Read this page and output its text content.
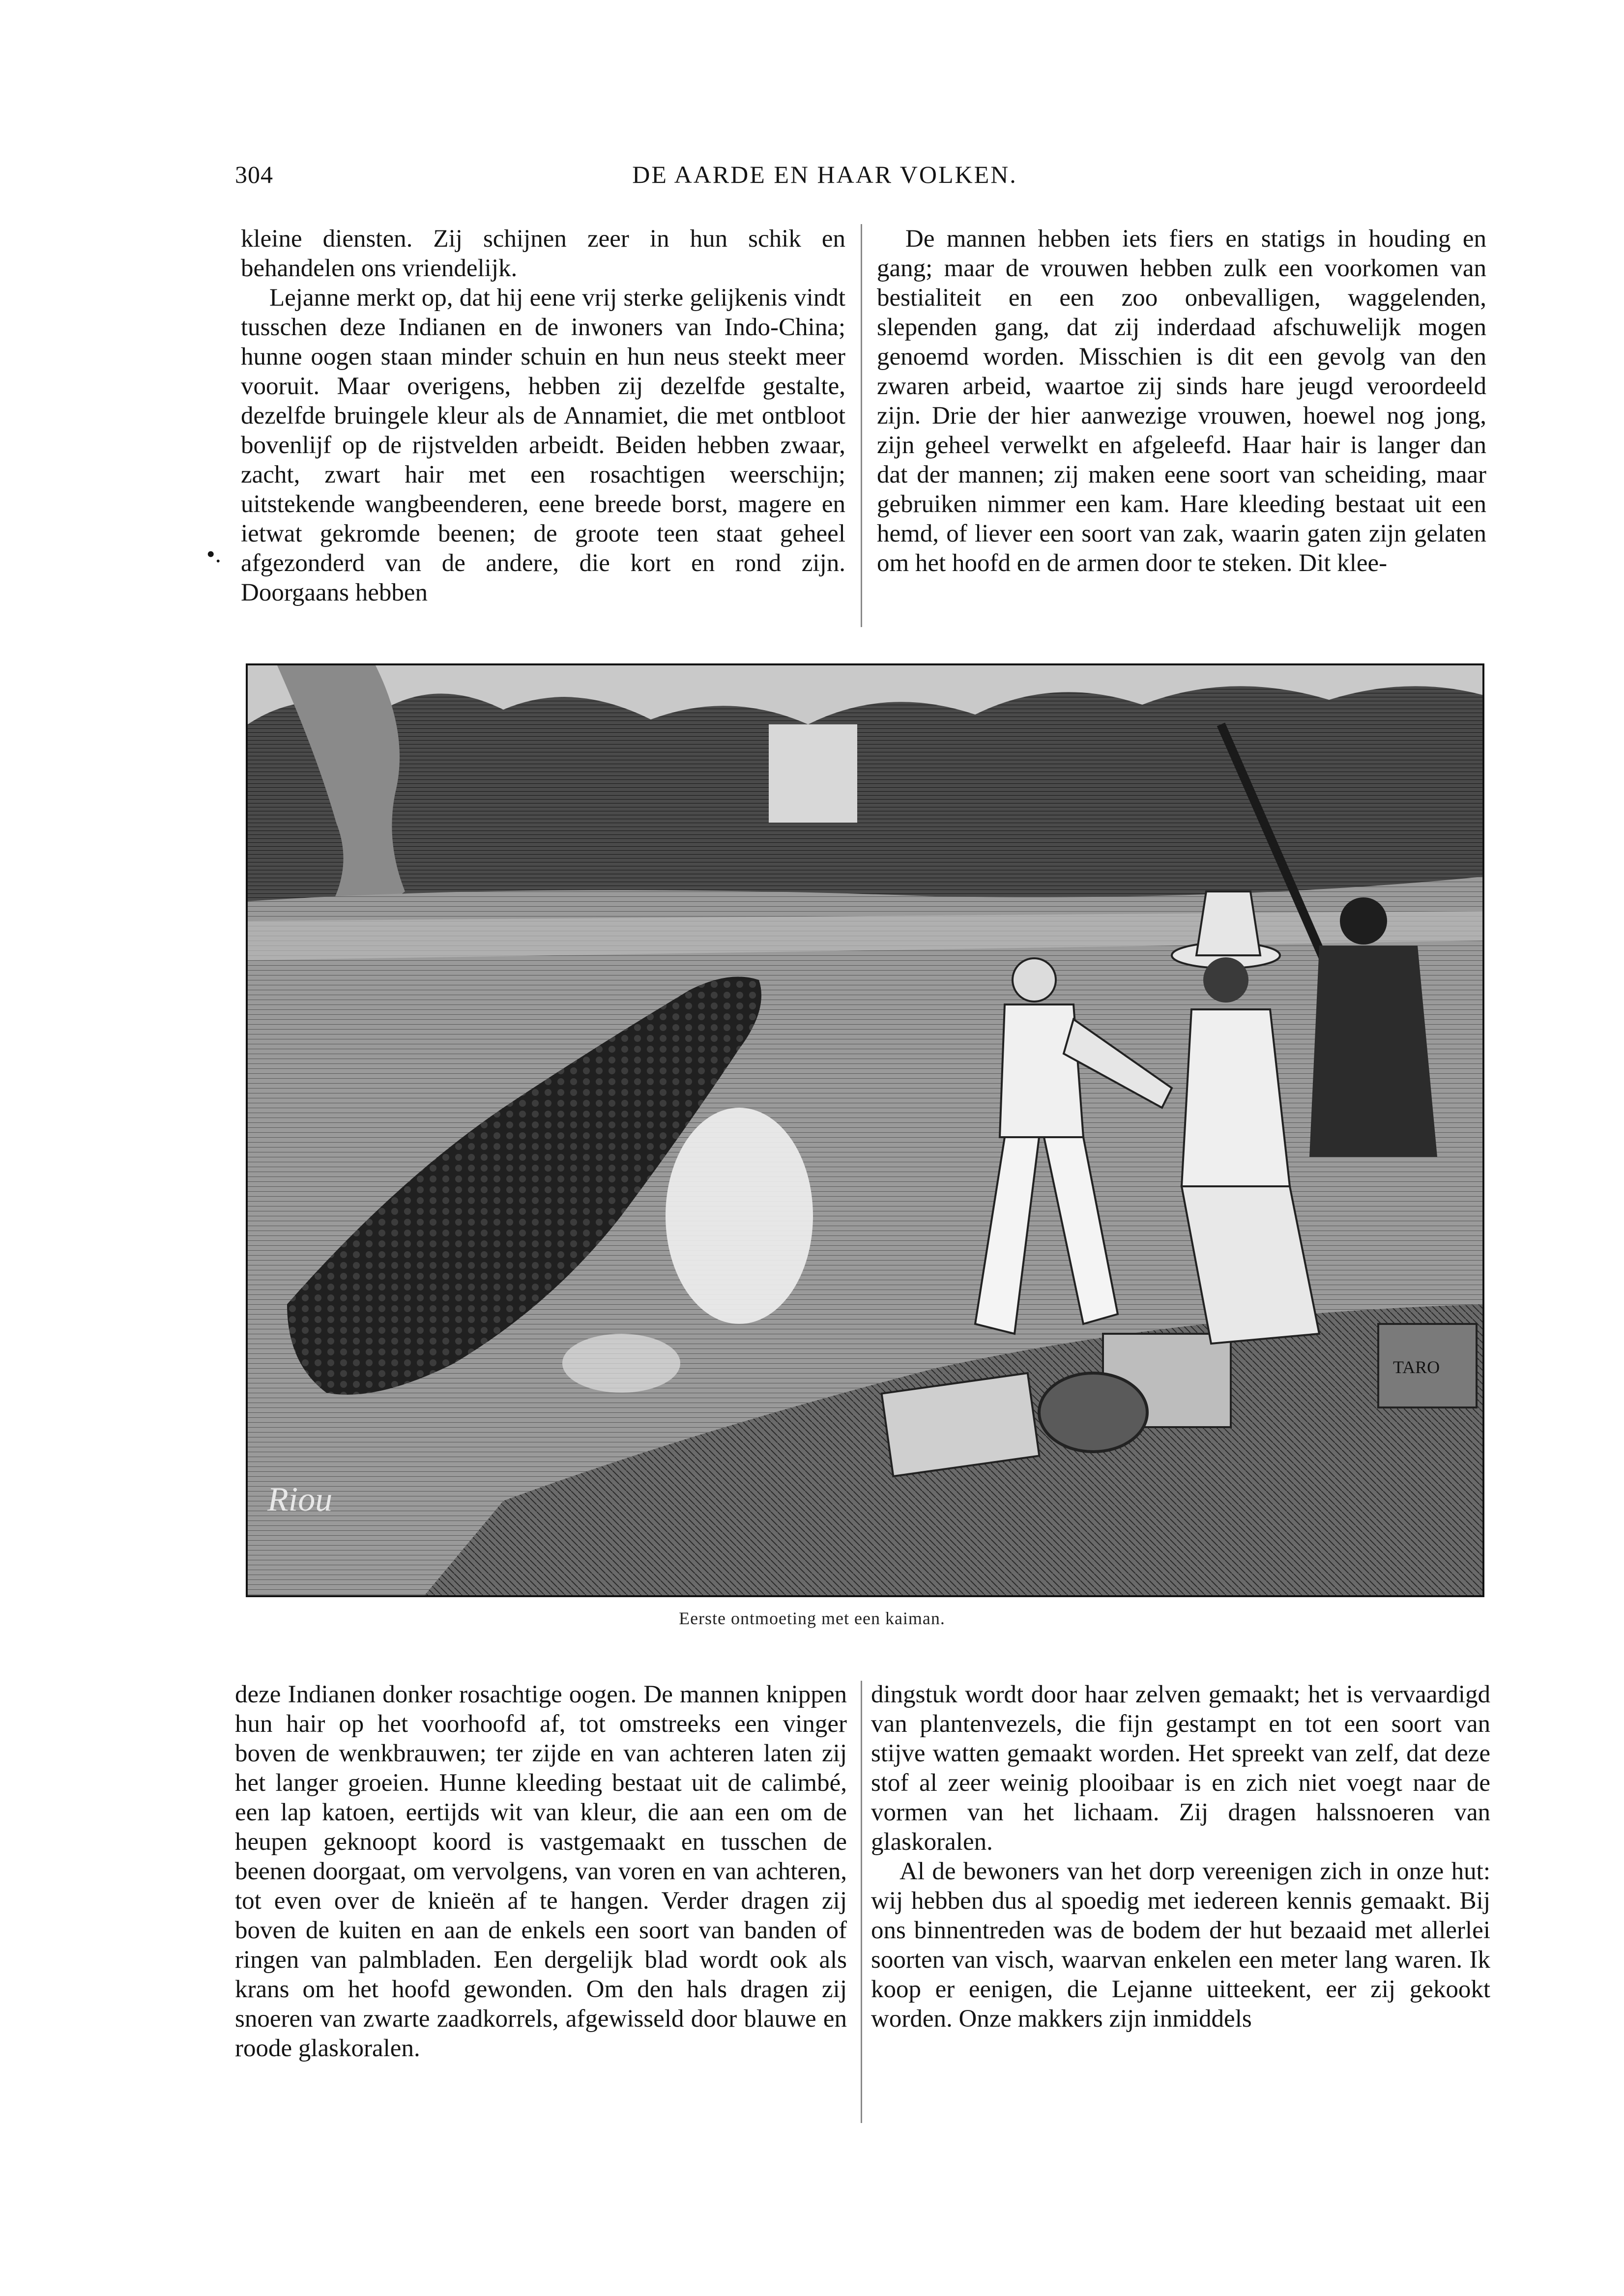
304	DE AARDE EN HAAR VOLKEN.

kleine diensten. Zij schijnen zeer in hun schik en behandelen ons vriendelijk.

Lejanne merkt op, dat hij eene vrij sterke gelijkenis vindt tusschen deze Indianen en de inwoners van Indo-China; hunne oogen staan minder schuin en hun neus steekt meer vooruit. Maar overigens, hebben zij dezelfde gestalte, dezelfde bruingele kleur als de Annamiet, die met ontbloot bovenlijf op de rijstvelden arbeidt. Beiden hebben zwaar, zacht, zwart hair met een rosachtigen weerschijn; uitstekende wangbeenderen, eene breede borst, magere en ietwat gekromde beenen; de groote teen staat geheel afgezonderd van de andere, die kort en rond zijn. Doorgaans hebben

De mannen hebben iets fiers en statigs in houding en gang; maar de vrouwen hebben zulk een voorkomen van bestialiteit en een zoo onbevalligen, waggelenden, slependen gang, dat zij inderdaad afschuwelijk mogen genoemd worden. Misschien is dit een gevolg van den zwaren arbeid, waartoe zij sinds hare jeugd veroordeeld zijn. Drie der hier aanwezige vrouwen, hoewel nog jong, zijn geheel verwelkt en afgeleefd. Haar hair is langer dan dat der mannen; zij maken eene soort van scheiding, maar gebruiken nimmer een kam. Hare kleeding bestaat uit een hemd, of liever een soort van zak, waarin gaten zijn gelaten om het hoofd en de armen door te steken. Dit klee-

•.
TARO
Riou
Eerste ontmoeting met een kaiman.

deze Indianen donker rosachtige oogen. De mannen knippen hun hair op het voorhoofd af, tot omstreeks een vinger boven de wenkbrauwen; ter zijde en van achteren laten zij het langer groeien. Hunne kleeding bestaat uit de calimbé, een lap katoen, eertijds wit van kleur, die aan een om de heupen geknoopt koord is vastgemaakt en tusschen de beenen doorgaat, om vervolgens, van voren en van achteren, tot even over de knieën af te hangen. Verder dragen zij boven de kuiten en aan de enkels een soort van banden of ringen van palmbladen. Een dergelijk blad wordt ook als krans om het hoofd gewonden. Om den hals dragen zij snoeren van zwarte zaadkorrels, afgewisseld door blauwe en roode glaskoralen.

dingstuk wordt door haar zelven gemaakt; het is vervaardigd van plantenvezels, die fijn gestampt en tot een soort van stijve watten gemaakt worden. Het spreekt van zelf, dat deze stof al zeer weinig plooibaar is en zich niet voegt naar de vormen van het lichaam. Zij dragen halssnoeren van glaskoralen.

Al de bewoners van het dorp vereenigen zich in onze hut: wij hebben dus al spoedig met iedereen kennis gemaakt. Bij ons binnentreden was de bodem der hut bezaaid met allerlei soorten van visch, waarvan enkelen een meter lang waren. Ik koop er eenigen, die Lejanne uitteekent, eer zij gekookt worden. Onze makkers zijn inmiddels
